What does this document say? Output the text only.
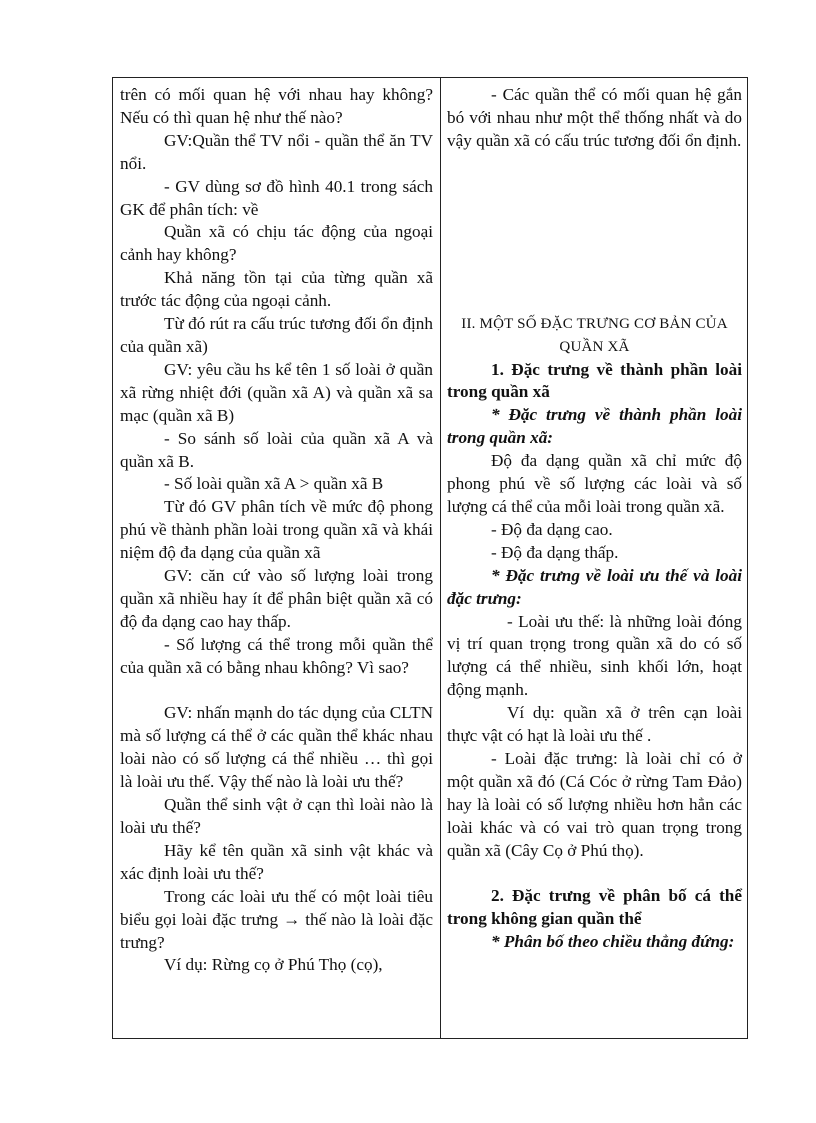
trên có mối quan hệ với nhau hay không? Nếu có thì quan hệ như thế nào?

GV:Quần thể TV nổi - quần thể ăn TV nổi.

- GV dùng sơ đồ hình 40.1 trong sách GK để phân tích: về

Quần xã có chịu tác động của ngoại cảnh hay không?

Khả năng tồn tại của từng quần xã trước tác động của ngoại cảnh.

Từ đó rút ra cấu trúc tương đối ổn định của quần xã)

GV: yêu cầu hs kể tên 1 số loài ở quần xã rừng nhiệt đới (quần xã A) và quần xã sa mạc (quần xã B)

- So sánh số loài của quần xã A và quần xã B.

- Số loài quần xã A > quần xã B

Từ đó GV phân tích về mức độ phong phú về thành phần loài trong quần xã và khái niệm độ đa dạng của quần xã

GV: căn cứ vào số lượng loài trong quần xã nhiều hay ít để phân biệt quần xã có độ đa dạng cao hay thấp.

- Số lượng cá thể trong mỗi quần thể của quần xã có bằng nhau không? Vì sao?

GV: nhấn mạnh do tác dụng của CLTN mà số lượng cá thể ở các quần thể khác nhau loài nào có số lượng cá thể nhiều … thì gọi là loài ưu thế. Vậy thế nào là loài ưu thế?

Quần thể sinh vật ở cạn thì loài nào là loài ưu thế?

Hãy kể tên quần xã sinh vật khác và xác định loài ưu thế?

Trong các loài ưu thế có một loài tiêu biểu gọi loài đặc trưng → thế nào là loài đặc trưng?

Ví dụ: Rừng cọ ở Phú Thọ (cọ),

- Các quần thể có mối quan hệ gắn bó với nhau như một thể thống nhất và do vậy quần xã có cấu trúc tương đối ổn định.

II. MỘT SỐ ĐẶC TRƯNG CƠ BẢN CỦA QUẦN XÃ

1. Đặc trưng về thành phần loài trong quần xã

* Đặc trưng về thành phần loài trong quần xã:

Độ đa dạng quần xã chỉ mức độ phong phú về số lượng các loài và số lượng cá thể của mỗi loài trong quần xã.

- Độ đa dạng cao.

- Độ đa dạng thấp.

* Đặc trưng về loài ưu thế và loài đặc trưng:

- Loài ưu thế: là những loài đóng vị trí quan trọng trong quần xã do có số lượng cá thể nhiều, sinh khối lớn, hoạt động mạnh.

Ví dụ: quần xã ở trên cạn loài thực vật có hạt là loài ưu thế .

- Loài đặc trưng: là loài chỉ có ở một quần xã đó (Cá Cóc ở rừng Tam Đảo) hay là loài có số lượng nhiều hơn hẳn các loài khác và có vai trò quan trọng trong quần xã (Cây Cọ ở Phú thọ).

2. Đặc trưng về phân bố cá thể trong không gian quần thể

* Phân bố theo chiều thẳng đứng:
